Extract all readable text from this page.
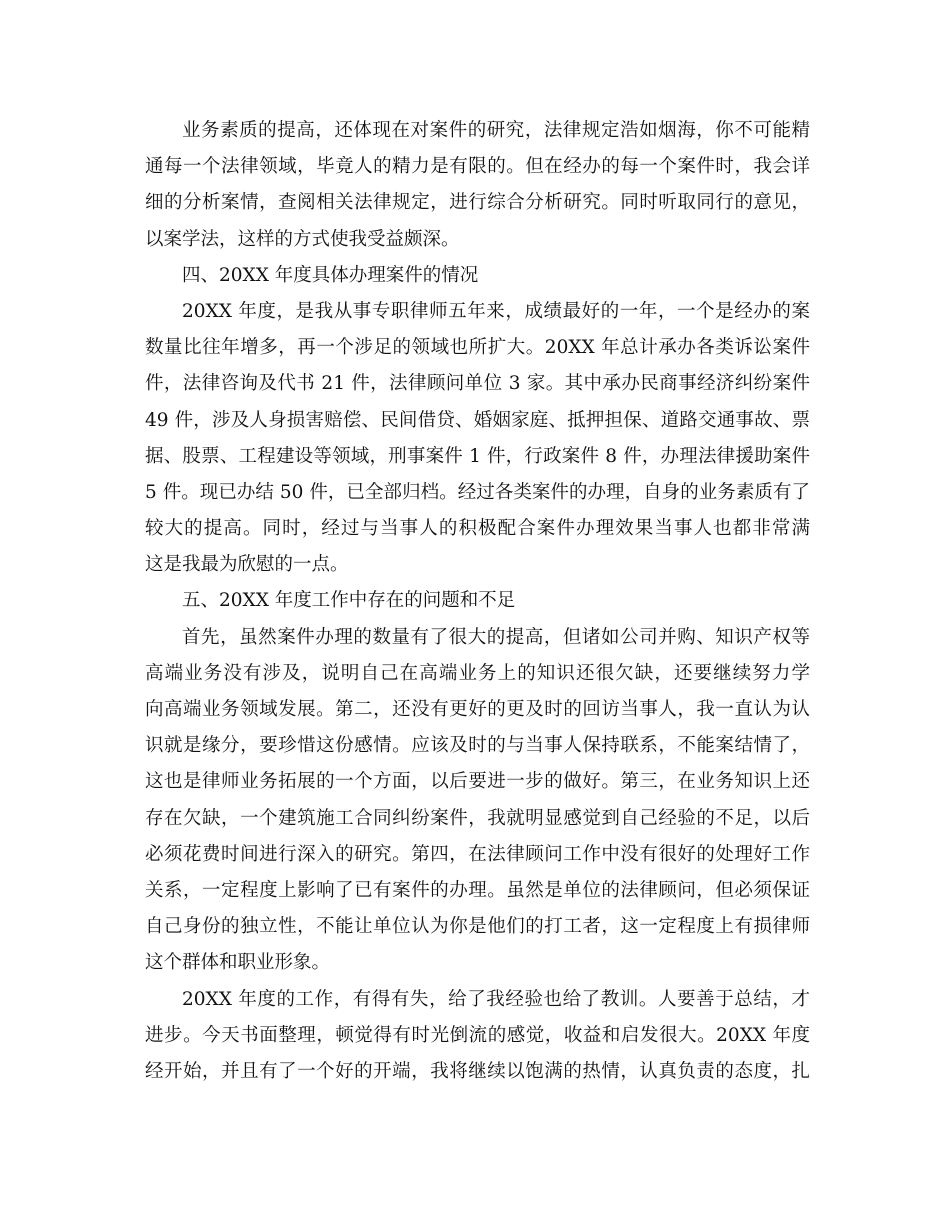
业务素质的提高，还体现在对案件的研究，法律规定浩如烟海，你不可能精
通每一个法律领域，毕竟人的精力是有限的。但在经办的每一个案件时，我会详
细的分析案情，查阅相关法律规定，进行综合分析研究。同时听取同行的意见，
以案学法，这样的方式使我受益颇深。
四、20XX 年度具体办理案件的情况
20XX 年度，是我从事专职律师五年来，成绩最好的一年，一个是经办的案
数量比往年增多，再一个涉足的领域也所扩大。20XX 年总计承办各类诉讼案件
件，法律咨询及代书 21 件，法律顾问单位 3 家。其中承办民商事经济纠纷案件
49 件，涉及人身损害赔偿、民间借贷、婚姻家庭、抵押担保、道路交通事故、票
据、股票、工程建设等领域，刑事案件 1 件，行政案件 8 件，办理法律援助案件
5 件。现已办结 50 件，已全部归档。经过各类案件的办理，自身的业务素质有了
较大的提高。同时，经过与当事人的积极配合案件办理效果当事人也都非常满
这是我最为欣慰的一点。
五、20XX 年度工作中存在的问题和不足
首先，虽然案件办理的数量有了很大的提高，但诸如公司并购、知识产权等
高端业务没有涉及，说明自己在高端业务上的知识还很欠缺，还要继续努力学
向高端业务领域发展。第二，还没有更好的更及时的回访当事人，我一直认为认
识就是缘分，要珍惜这份感情。应该及时的与当事人保持联系，不能案结情了，
这也是律师业务拓展的一个方面，以后要进一步的做好。第三，在业务知识上还
存在欠缺，一个建筑施工合同纠纷案件，我就明显感觉到自己经验的不足，以后
必须花费时间进行深入的研究。第四，在法律顾问工作中没有很好的处理好工作
关系，一定程度上影响了已有案件的办理。虽然是单位的法律顾问，但必须保证
自己身份的独立性，不能让单位认为你是他们的打工者，这一定程度上有损律师
这个群体和职业形象。
20XX 年度的工作，有得有失，给了我经验也给了教训。人要善于总结，才
进步。今天书面整理，顿觉得有时光倒流的感觉，收益和启发很大。20XX 年度
经开始，并且有了一个好的开端，我将继续以饱满的热情，认真负责的态度，扎
